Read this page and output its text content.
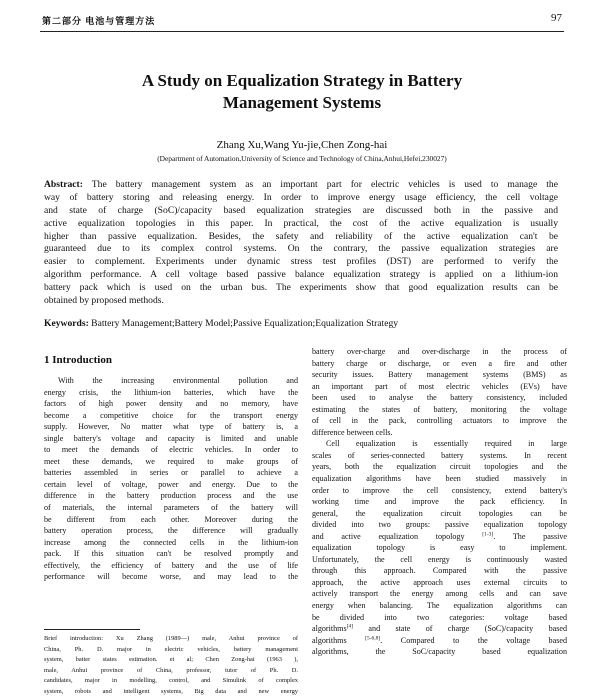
第二部分 电池与管理方法	97
A Study on Equalization Strategy in Battery
Management Systems
Zhang Xu,Wang Yu-jie,Chen Zong-hai
(Department of Automation,University of Science and Technology of China,Anhui,Hefei,230027)
Abstract: The battery management system as an important part for electric vehicles is used to manage the
way of battery storing and releasing energy. In order to improve energy usage efficiency, the cell voltage
and state of charge (SoC)/capacity based equalization strategies are discussed both in the passive and
active equalization topologies in this paper. In practical, the cost of the active equalization is usually
higher than passive equalization. Besides, the safety and reliability of the active equalization can't be
guaranteed due to its complex control systems. On the contrary, the passive equalization strategies are
easier to complement. Experiments under dynamic stress test profiles (DST) are performed to verify the
algorithm performance. A cell voltage based passive balance equalization strategy is applied on a lithium-ion
battery pack which is used on the urban bus. The experiments show that good equalization results can be
obtained by proposed methods.
Keywords: Battery Management;Battery Model;Passive Equalization;Equalization Strategy
1 Introduction
With the increasing environmental pollution and
energy crisis, the lithium-ion batteries, which have the
factors of high power density and no memory, have
become a competitive choice for the transport energy
supply. However, No matter what type of battery is, a
single battery's voltage and capacity is limited and unable
to meet the demands of electric vehicles. In order to
meet these demands, we required to make groups of
batteries assembled in series or parallel to achieve a
certain level of voltage, power and energy. Due to the
difference in the battery production process and the use
of materials, the internal parameters of the battery will
be different from each other. Moreover during the
battery operation process, the difference will gradually
increase among the connected cells in the lithium-ion
pack. If this situation can't be resolved promptly and
effectively, the efficiency of battery and the use of life
performance will become worse, and may lead to the
battery over-charge and over-discharge in the process of
battery charge or discharge, or even a fire and other
security issues. Battery management systems (BMS) as
an important part of most electric vehicles (EVs) have
been used to analyse the battery consistency, included
estimating the states of battery, monitoring the voltage
of cell in the pack, controlling actuators to improve the
difference between cells.
Cell equalization is essentially required in large
scales of series-connected battery systems. In recent
years, both the equalization circuit topologies and the
equalization algorithms have been studied massively in
order to improve the cell consistency, extend battery's
working time and improve the pack efficiency. In
general, the equalization circuit topologies can be
divided into two groups: passive equalization topology
and active equalization topology	[1-3]. The passive
equalization topology is easy to implement.
Unfortunately, the cell energy is continuously wasted
through this approach. Compared with the passive
approach, the active approach uses external circuits to
actively transport the energy among cells and can save
energy when balancing. The equalization algorithms can
be divided into two categories: voltage based
algorithms[4] and state of charge (SoC)/capacity based
algorithms	[5-6,8]. Compared to the voltage based
algorithms, the SoC/capacity based equalization
Brief introduction: Xu Zhang (1989—) male, Anhui province of
China, Ph. D. major in electric vehicles, battery management
system, batter states estimation. et al; Chen Zong-hai (1963 ),
male, Anhui province of China, professor, tutor of Ph. D.
candidates, major in modelling, control, and Simulink of complex
system, robots and intelligent systems, Big data and new energy
